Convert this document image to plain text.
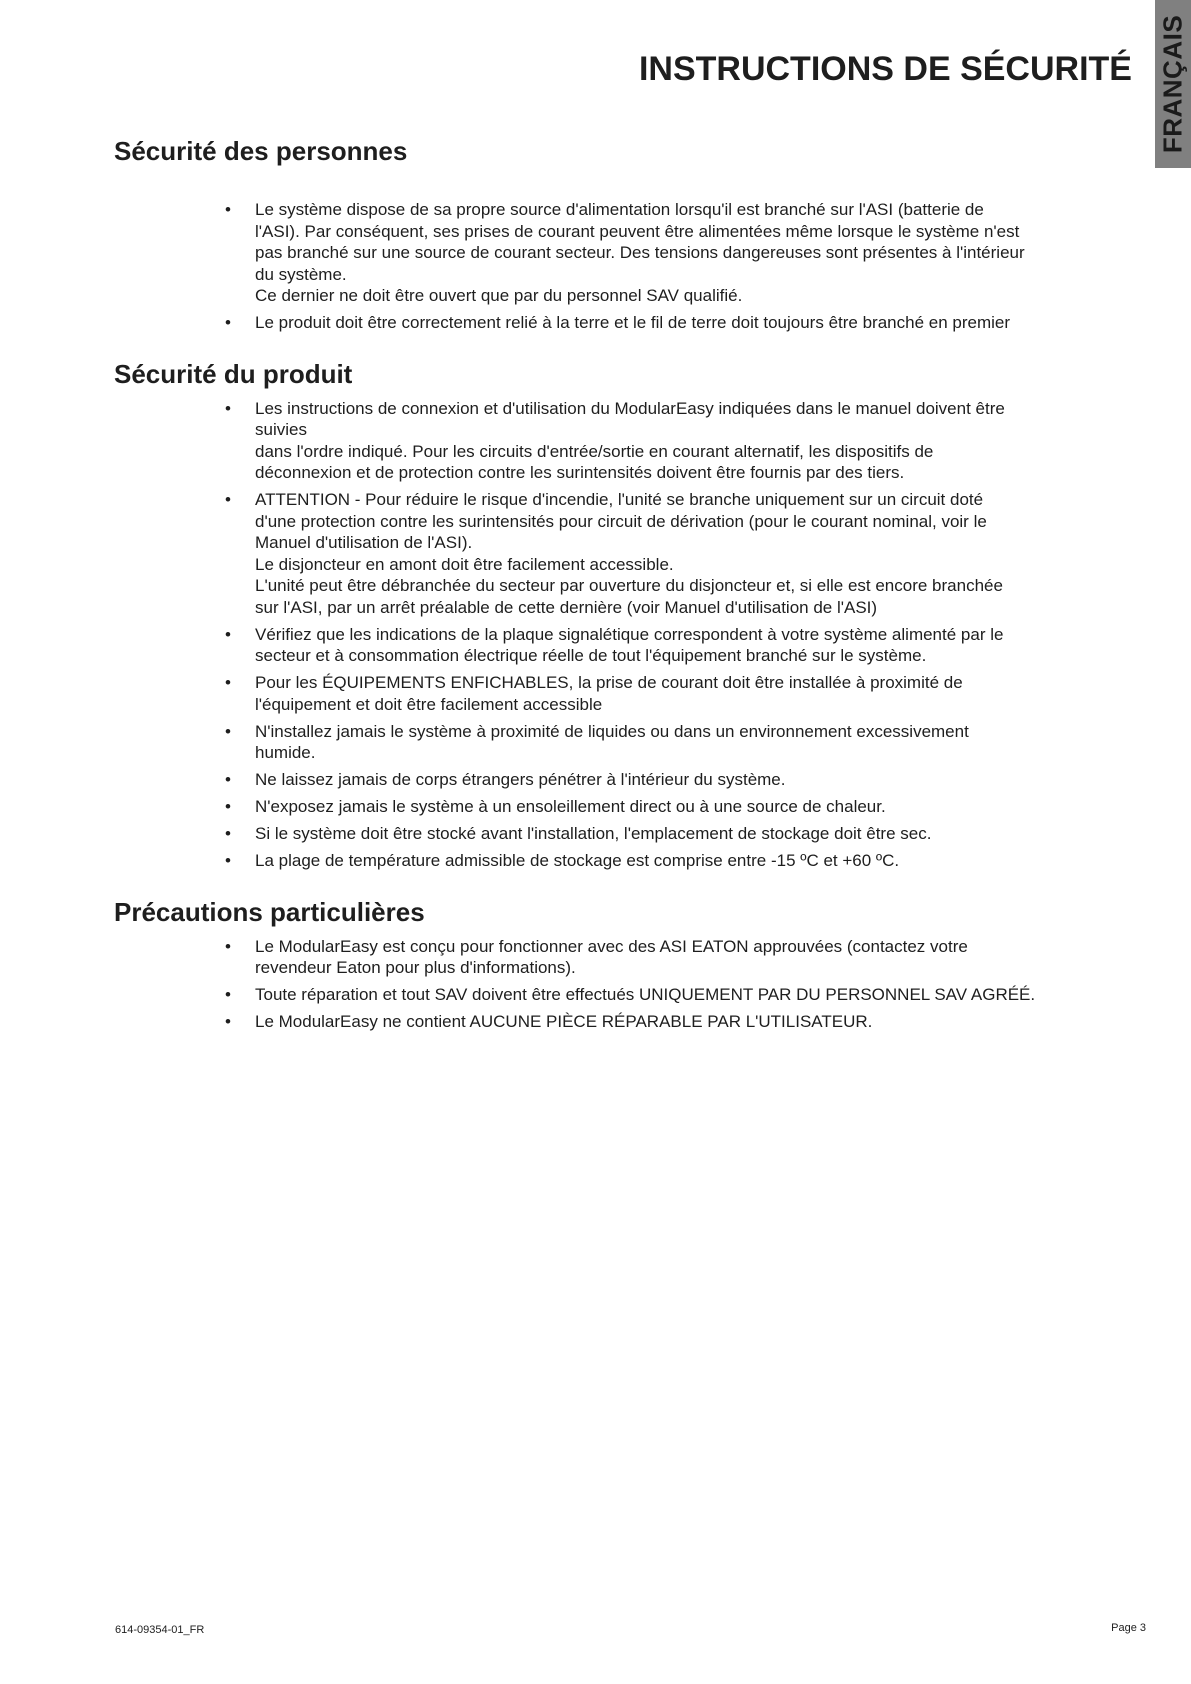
FRANÇAIS
INSTRUCTIONS DE SÉCURITÉ
Sécurité des personnes
• Le système dispose de sa propre source d'alimentation lorsqu'il est branché sur l'ASI (batterie de
l'ASI). Par conséquent, ses prises de courant peuvent être alimentées même lorsque le système n'est
pas branché sur une source de courant secteur. Des tensions dangereuses sont présentes à l'intérieur
du système.
Ce dernier ne doit être ouvert que par du personnel SAV qualifié.
• Le produit doit être correctement relié à la terre et le fil de terre doit toujours être branché en premier
Sécurité du produit
• Les instructions de connexion et d'utilisation du ModularEasy indiquées dans le manuel doivent être
suivies
dans l'ordre indiqué. Pour les circuits d'entrée/sortie en courant alternatif, les dispositifs de
déconnexion et de protection contre les surintensités doivent être fournis par des tiers.
• ATTENTION - Pour réduire le risque d'incendie, l'unité se branche uniquement sur un circuit doté
d'une protection contre les surintensités pour circuit de dérivation (pour le courant nominal, voir le
Manuel d'utilisation de l'ASI).
Le disjoncteur en amont doit être facilement accessible.
L'unité peut être débranchée du secteur par ouverture du disjoncteur et, si elle est encore branchée
sur l'ASI, par un arrêt préalable de cette dernière (voir Manuel d'utilisation de l'ASI)
• Vérifiez que les indications de la plaque signalétique correspondent à votre système alimenté par le
secteur et à consommation électrique réelle de tout l'équipement branché sur le système.
• Pour les ÉQUIPEMENTS ENFICHABLES, la prise de courant doit être installée à proximité de
l'équipement et doit être facilement accessible
• N'installez jamais le système à proximité de liquides ou dans un environnement excessivement
humide.
• Ne laissez jamais de corps étrangers pénétrer à l'intérieur du système.
• N'exposez jamais le système à un ensoleillement direct ou à une source de chaleur.
• Si le système doit être stocké avant l'installation, l'emplacement de stockage doit être sec.
• La plage de température admissible de stockage est comprise entre -15 ºC et +60 ºC.
Précautions particulières
• Le ModularEasy est conçu pour fonctionner avec des ASI EATON approuvées (contactez votre
revendeur Eaton pour plus d'informations).
• Toute réparation et tout SAV doivent être effectués UNIQUEMENT PAR DU PERSONNEL SAV AGRÉÉ.
• Le ModularEasy ne contient AUCUNE PIÈCE RÉPARABLE PAR L'UTILISATEUR.
614-09354-01_FR	Page 3
